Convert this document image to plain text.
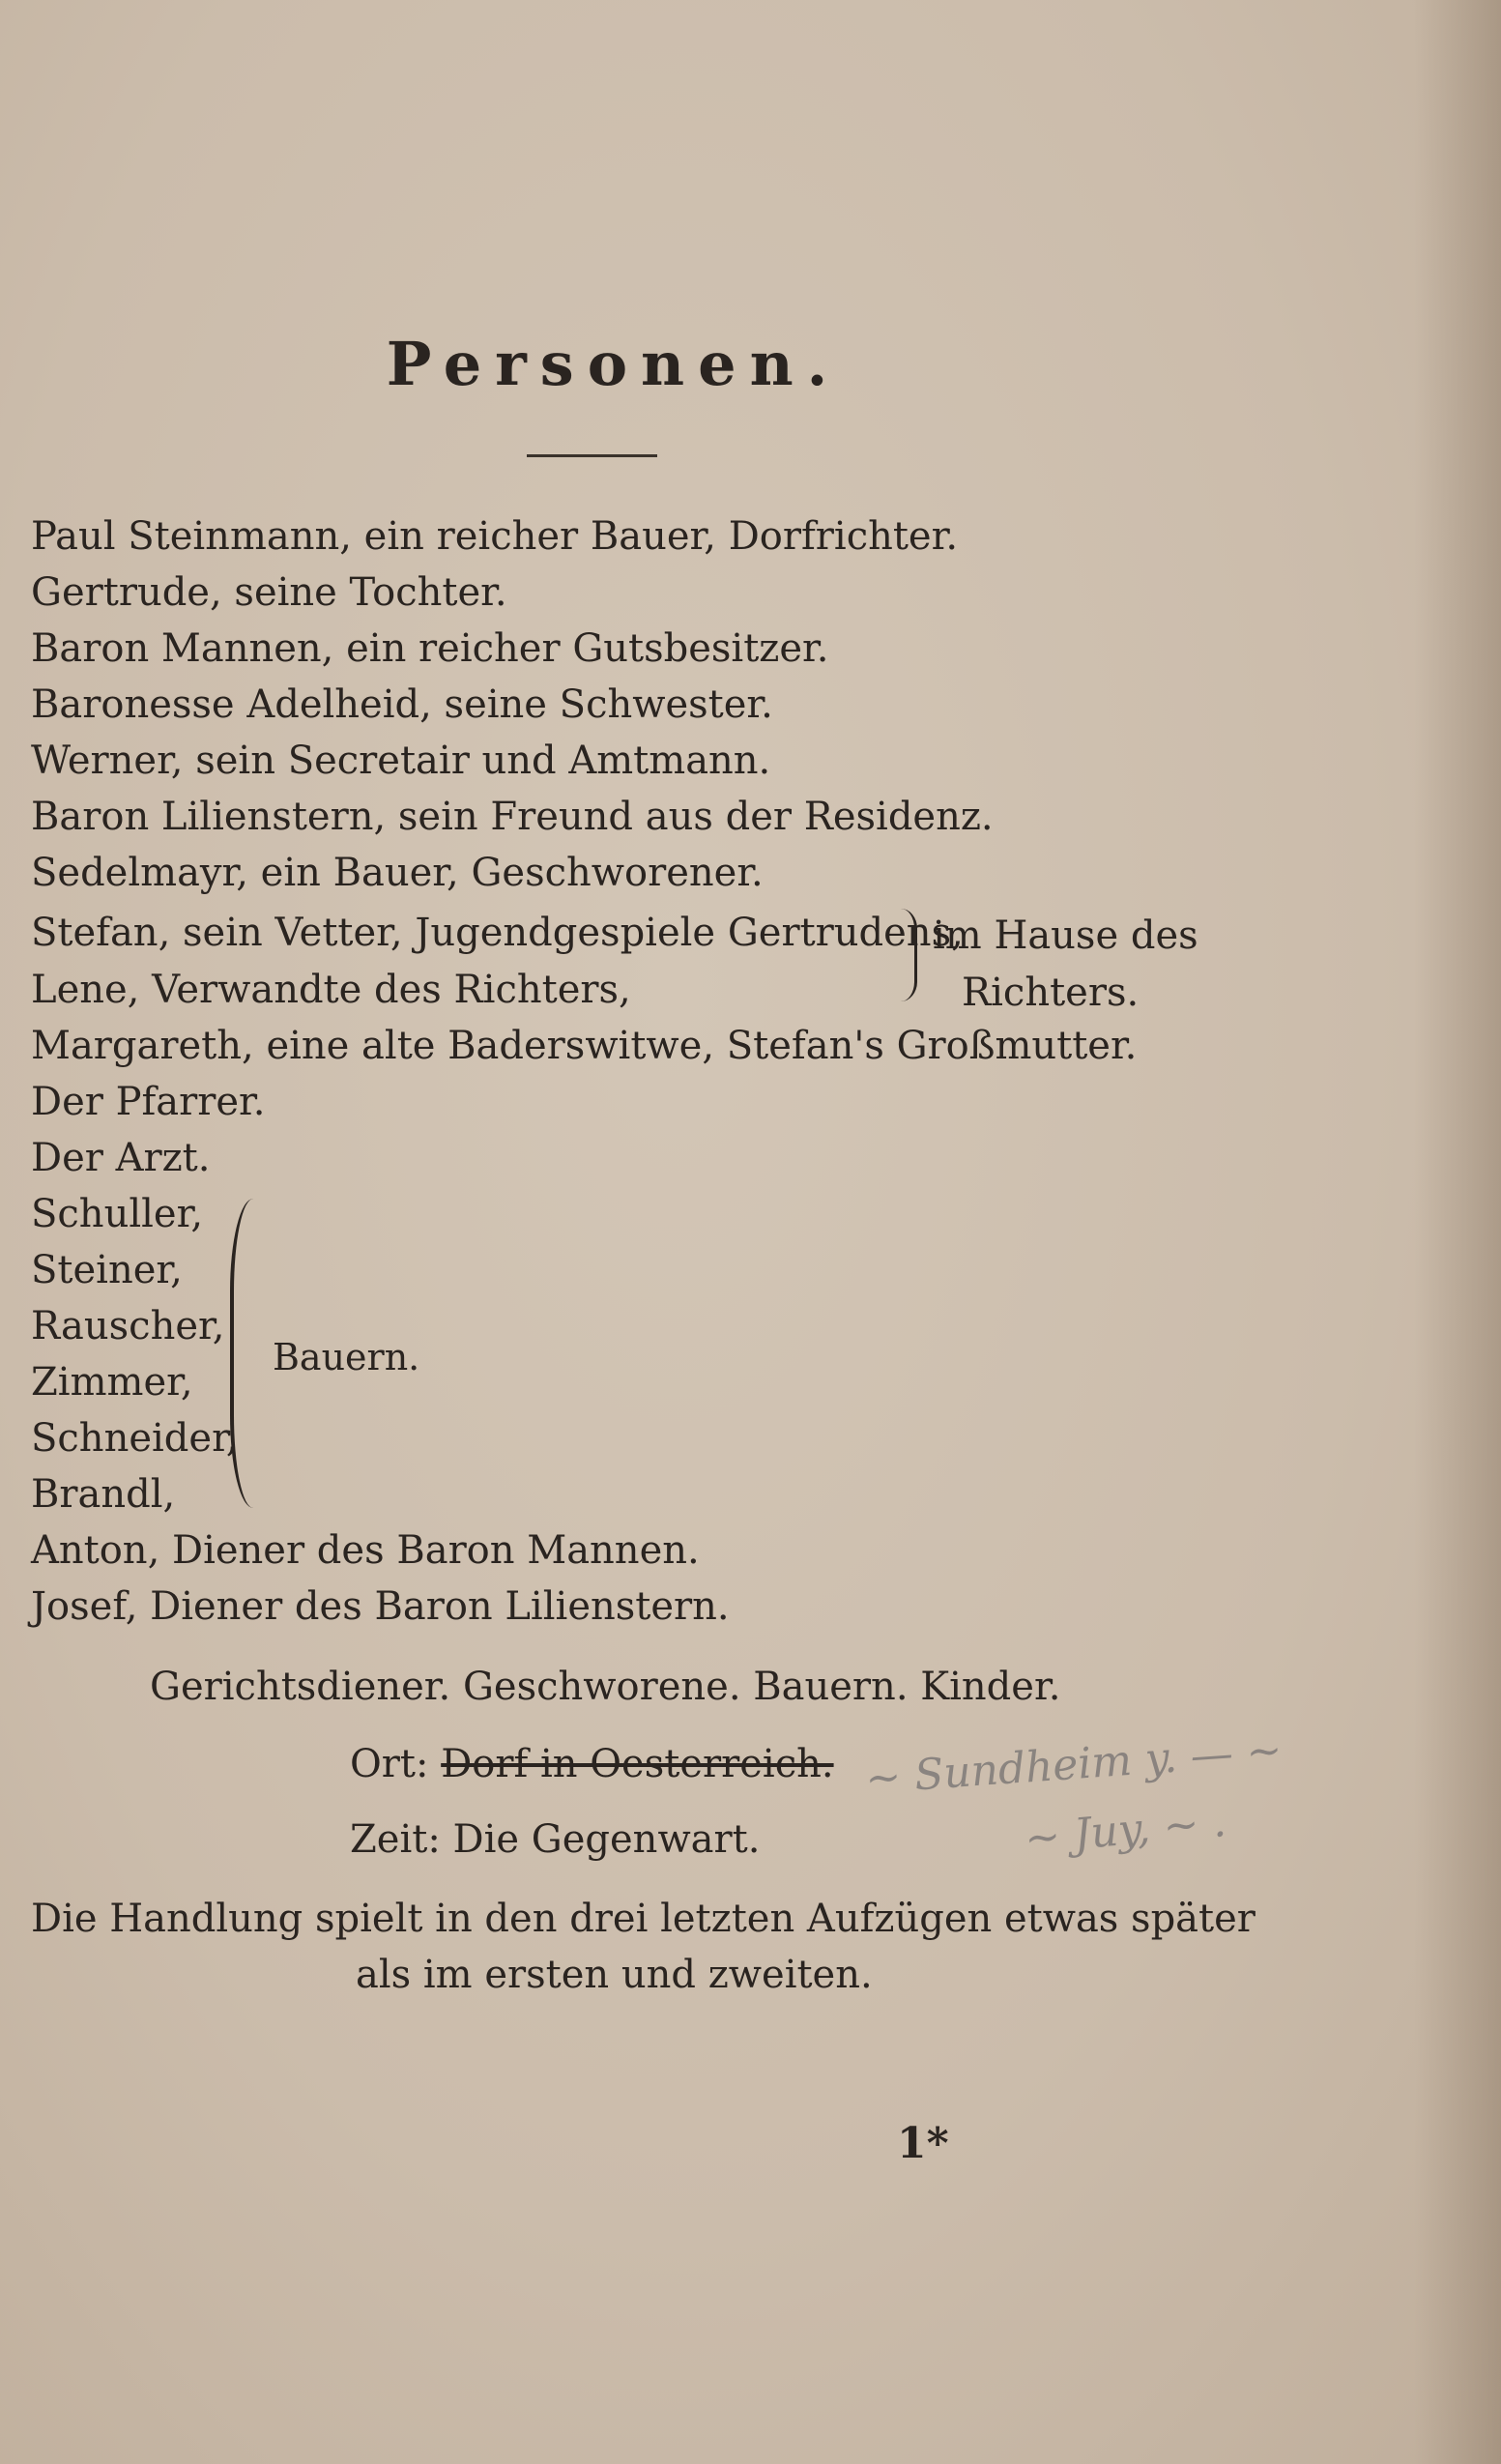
Personen.
Paul Steinmann, ein reicher Bauer, Dorfrichter.
Gertrude, seine Tochter.
Baron Mannen, ein reicher Gutsbesitzer.
Baronesse Adelheid, seine Schwester.
Werner, sein Secretair und Amtmann.
Baron Lilienstern, sein Freund aus der Residenz.
Sedelmayr, ein Bauer, Geschworener.
Stefan, sein Vetter, Jugendgespiele Gertrudens,
Lene, Verwandte des Richters,
im Hause des
Richters.
Margareth, eine alte Baderswitwe, Stefan's Großmutter.
Der Pfarrer.
Der Arzt.
Schuller,
Steiner,
Rauscher,
Zimmer,
Schneider,
Brandl,
Bauern.
Anton, Diener des Baron Mannen.
Josef, Diener des Baron Lilienstern.
Gerichtsdiener. Geschworene. Bauern. Kinder.
Ort: Dorf in Oesterreich.
Zeit: Die Gegenwart.
~ Sundheim y. — ~
~ Juy, ~ .
Die Handlung spielt in den drei letzten Aufzügen etwas später
als im ersten und zweiten.
1*
